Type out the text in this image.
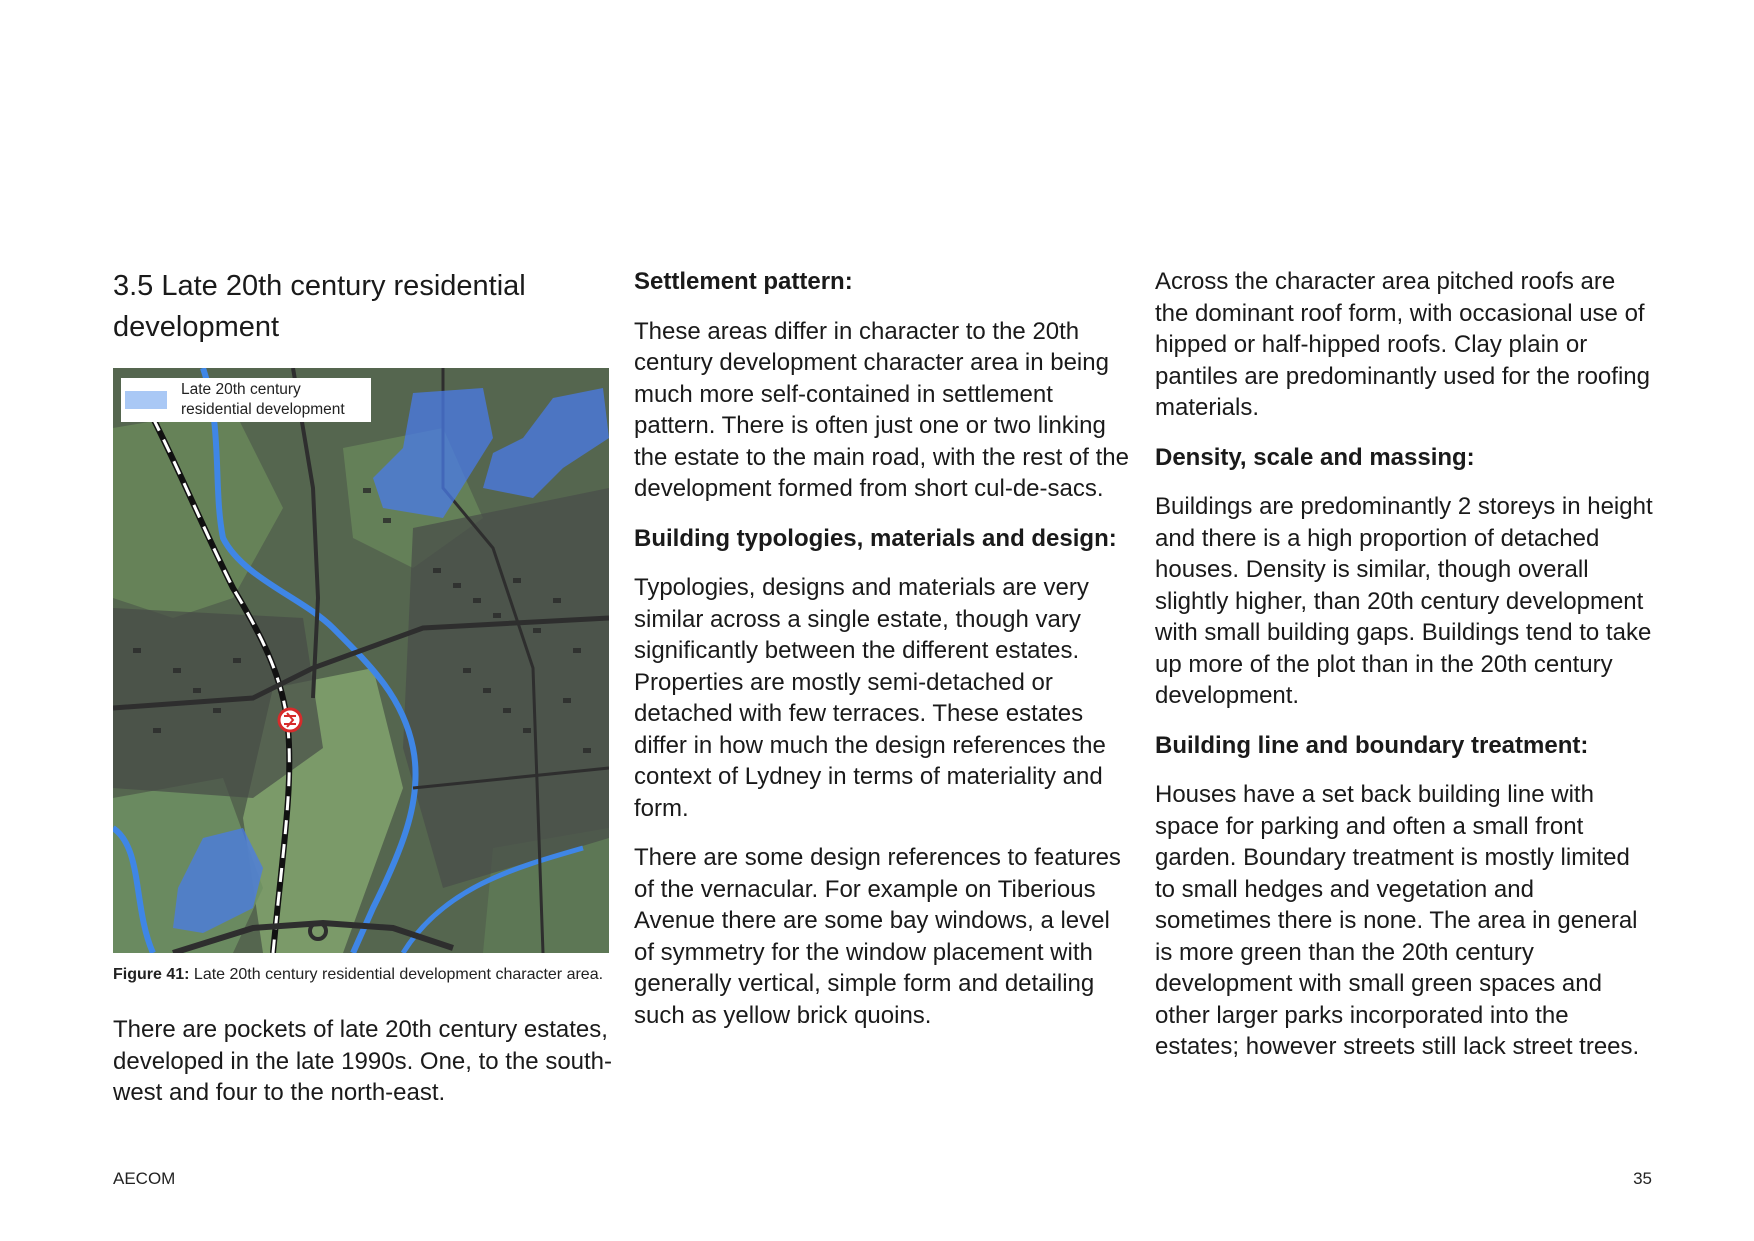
3.5 Late 20th century residential
development
Late 20th century
residential development
Figure 41: Late 20th century residential development character area.

There are pockets of late 20th century estates, developed in the late 1990s. One, to the south-west and four to the north-east.

Settlement pattern:

These areas differ in character to the 20th century development character area in being much more self-contained in settlement pattern. There is often just one or two linking the estate to the main road, with the rest of the development formed from short cul-de-sacs.

Building typologies, materials and design:

Typologies, designs and materials are very similar across a single estate, though vary significantly between the different estates. Properties are mostly semi-detached or detached with few terraces. These estates differ in how much the design references the context of Lydney in terms of materiality and form.

There are some design references to features of the vernacular. For example on Tiberious Avenue there are some bay windows, a level of symmetry for the window placement with generally vertical, simple form and detailing such as yellow brick quoins.

Across the character area pitched roofs are the dominant roof form, with occasional use of hipped or half-hipped roofs. Clay plain or pantiles are predominantly used for the roofing materials.

Density, scale and massing:

Buildings are predominantly 2 storeys in height and there is a high proportion of detached houses. Density is similar, though overall slightly higher, than 20th century development with small building gaps. Buildings tend to take up more of the plot than in the 20th century development.

Building line and boundary treatment:

Houses have a set back building line with space for parking and often a small front garden. Boundary treatment is mostly limited to small hedges and vegetation and sometimes there is none. The area in general is more green than the 20th century development with small green spaces and other larger parks incorporated into the estates; however streets still lack street trees.

AECOM	35
